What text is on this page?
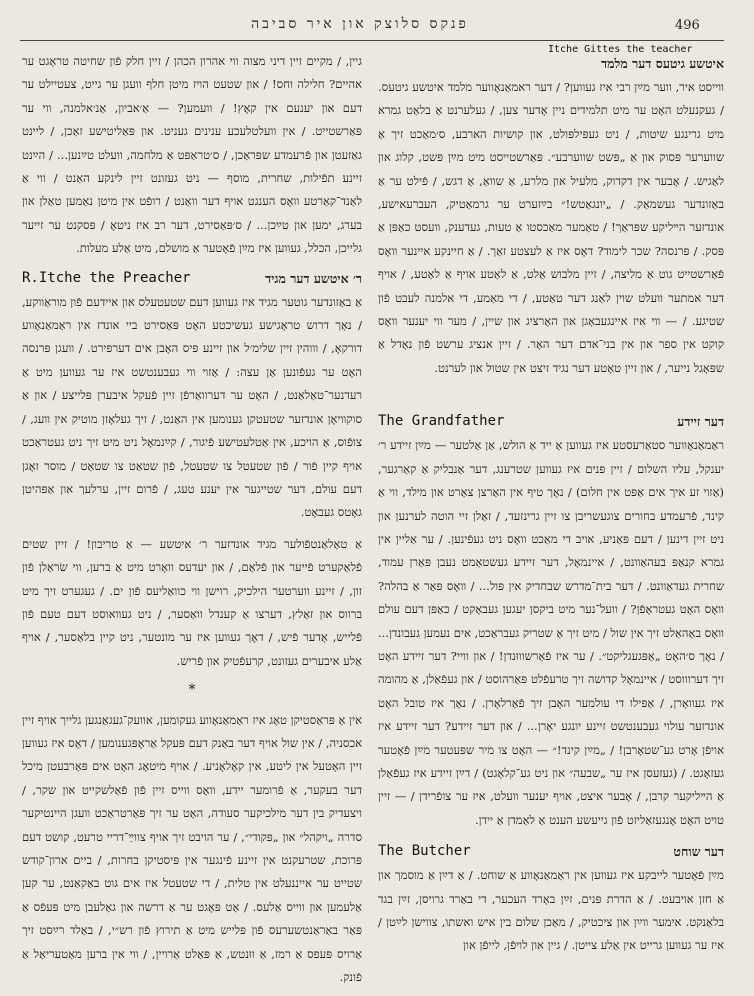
496
פנקס סלוצק און איר סביבה
Itche Gittes the teacher
איטשע גיטעס דער מלמד

ווייסט איר, ווער מײַן רבי איז געווען? / דער ראמאַנאָווער מלמד איטשע גיטעס. / געקנעלט האָט ער מיט תלמידים ניין אָדער צען, / געלערנט אַ בלאַט גמרא מיט גרינגע שיטות, / ניט געפּילפּולט, און קושיות הארבע, ס׳מאַכט זיך אַ שווערער פּסוק און אַ „פּשט שווערבע״. פּאַרשטייסט מיט מײַן פּשט, קלוג און לאַגיש. / אָבער אין דקדוק, מלעיל און מלרע, אַ שוואַ, אַ דגש, / פֿילט ער אַ באַזונדער געשמאַק. / „יונגאַטש!״ בײַזערט ער גרמאַטיק, העברעאישע, אונדזער הײליקע שפּראַך! / טאַמער מאַכסטו אַ טעות, געדענק, וועסט כאַפּן אַ פּסק. / פּרנסה? שכר לימוד? דאָס איז אַ לעצטע זאַך. / אַ חיינקע איינער וואָס פֿאַרשטייט גוט אַ מליצה, / זיין מלבוש אַלט, אַ לאַטע אויף אַ לאַטע, / אויף דער אמתער וועלט שוין לאַנג דער טאַטע, / די מאַמע, די אלמנה לעבט פֿון שטיגע. / — ווי איז איינגעבאָגן און האָרציג און שיין, / מער ווי יענער וואָס קוקט אין ספר און אין בני־אדם דער האָר. / זיין אנציג ערשט פֿון נאָדל אַ שפּאָגל נייער, / און זיין טאָטע דער נגיד זיצט אין שטול און לערנט.

דער זיידע
The Grandfather

ראַמאַנאָווער סטאַרעסטע איז געווען אַ ייד אַ הולש, אַן אַלטער — מײַן זיידע ר׳ יענקל, עליו השלום / זיין פּנים איז געווען שטרענג, דער אַנבליק אַ קאַרגער, (אַזוי זע איך אים אַפּט אין חלום) / נאָך טיף אין האַרצן צאַרט און מילד, ווי אַ קינד, פֿרעמדע בחורים צוגעשריבן צו זיין גרינזעד, / זאַלן זיי הוטה לערנען און ניט זיין דינען / דעם פּאַניע, אויב די מאַכט וואָס ניט געפֿינען. / ער אַליין אין גמרא קנאַפּ בעהאַוונט, / איינמאָל, דער זיידע געשטאַמט נעבן פּאַרן עמוד, שחרית געדאַוונט. / דער בית־מדרש שבחדיק אין פּול... / וואָס פּאַר אַ בהלה? וואָס האָט געטראָפֿן? / וועל־נער מיט ביקסן יעגען געבאָקט / כאַפּן דעם עולם וואָס באַהאַלט זיך אין שול / מיט זיך אַ שטריק געבראַכט, אים נעמען געבונדן... / נאָך ס׳האָט „אַפּגעגליקט״. / ער איז פֿאַרשוווּנדן! / און וויי? דער זיידע האָט זיך דערוווסט / איינמאָל קדושה זיך טרעפֿלט פּאַרהוסט / און געפֿאַלן, אַ מהומה איז געוואָרן, / אַפּילו די עולמער האָבן זיך פֿאַרלאָרן. / נאָך איז טובל האָט אונדזער עולוי געבענטשט זיינע יונגע יאָרן... / און דער זיידע? דער זיידע איז אויפֿן אָרט גע־שטאָרבן! / „מײַן קינד!״ — האָט צו מיר שפּעטער מײַן פֿאָטער געזאָגט. / (געזעסן איז ער „שבעה״ און ניט גע־קלאָגט) / דײַן זיידע איז געפֿאַלן אַ הײליקער קרבן, / אָבער איצט, אויף יענער וועלט, איז ער צופֿרידן / — זיין טויט האָט אָנגעזאַליזט פֿון גייעשע הענט אַ לאַמדן אַ יידן.

דער שוחט
The Butcher

מײַן פֿאָטער לייבקע איז געווען אין ראַמאַנאָווע אַ שוחט. / אַ דײַן אַ מוסמך און אַ חזן אויבעט. / אַ הדרת פּנים, זײַן באָרד העכער, די באַרד גרויסן, זײַן בגד בלאַנקט. אימער ווײַן און ציכטיק, / מאַכן שלום בין איש ואשתו, צווישן לײַטן / איז ער געווען גרייט אין אַלע צייטן. / גיין און לויפֿן, לייפֿן און

גיין, / מקיים זיין דיני מצוה ווי אהרון הכהן / זיין חלק פֿון שחיטה טראָגט ער אהיים? חלילה וחס! / און שטעט הויז מיטן חלף וועגן ער גייט, צעטיילט ער דעם און יענעם אין קאָץ! / וועמען? — אַ׳אביון, אַנ׳אלמנה, ווי ער פּאַרשטייט. / אין וועלטלעכע ענינים געניט. און פּאַליטישע זאַכן, / ליינט גאַזעטן און פֿרעמדע שפּראַכן, / ס׳טראַפּט אַ מלחמה, וועלט טײַנען... / הײַנט זיינע תפֿילות, שחרית, מוסף — ניט געזונט זיין לינקע האַנט / ווי אַ לאַנד־קאַרטע וואָס הענגט אויף דער וואַנט / רופֿט אין מיטן נאַמען טאַלן און בערג, ימען און טײַכן... / ס׳פּאַסירט, דער רב איז ניטאָ / פּסקנט ער זייער גלייכן, הכלל, געווען איז מײַן פֿאָטער אַ מושלם, מיט אַלע מעלות.

ר׳ איטשע דער מגיד
R.Itche the Preacher

אַ באַזונדער גוטער מגיד איז געווען דעם שטעטעלס און איידעם פֿון מוראַווקע, / נאָך דרוש טראָגישע געשיכטע האָט פּאַסירט ביי אונדז אין ראַמאַנאָווע דורקאָ, / וווהין זיין שלימ׳ל און זיינע פּיס האָבן אים דערפּירט. / וועגן פּרנסה האָט ער געפֿונען אַן עצה: / אַזוי ווי געבענטשט איז ער געווען מיט אַ רעדנער־טאַלאַנט, / האָט ער דערוואַרפֿן זיין פֿעקל איבערן פּלייצע / און אַ סוקוויאָן אונדזער שטעטקן גענומען אין האַנט, / זיך געלאָזן מוטיק אין וועג, / צופֿוס, אַ הויכע, אין אַטלעטישע פֿיגור, / קײַנמאָל ניט מיט זיך ניט געטראַכט אויף קיין פֿור / פֿון שטעטל צו שטעטל, פֿון שטאַט צו שטאַט / מוסר זאָגן דעם עולם, דער שטייגער אין יענע טעג, / פֿרום זיין, ערלעך און אַפּהיטן גאָטס געבאָט.

אַ טאַלאַנטפֿולער מגיד אונדזער ר׳ איטשע — אַ טריבון! / זיין שטים פֿלאַקערט פֿייער און פֿלאַם, / און יעדעס וואָרט מיט אַ ברען, ווי שׂראַלן פֿון זון, / זיינע ווערטער הילכיק, רוישן ווי כוואַליעס פֿון ים. / געגערט זיך מיט ברווס און זאַלץ, דערצו אַ קענדל וואַסער, / ניט געוואוסט דעם טעם פֿון פֿלייש, אָדער פֿיש, / דאָך געווען איז ער מונטער, ניט קיין בלאַסער, / אויף אַלע איבערים געזונט, קרעפֿטיק און פֿריש.

*

אין אַ פּראַסטיקן טאָג איז ראַמאַנאָווע געקומען, אוועק־געגאַנגען גלייך אויף זיין אכסניה, / אין שול אויף דער באַנק דעם פּעקל אַראָפּגענומען / דאָס איז געווען זיין האָטעל אין ליטע, אין קאָלאָניע. / אויף מיטאָג האָט אים פּאַרבעטן מיכל דער בעקער, אַ פֿרומער יידע, וואָס ווייס זיין פֿון פֿאַלשקייט און שקר, / ויצעדיק בין דער מילכיקער סעודה, האָט ער זיך פּאַרטראַכט וועגן היינטיקער סדרה „ויקהל״ און „פּקודי״, / ער הויבט זיך אויף צווײַ־דריי טרעט, קושט דעם פּרוכת, שטרעקנט אין זיינע פֿינגער אין פּיסטיקן בחרות, / ביים ארון־קודש שטייט ער אייננעלט אין טלית, / די שטעטל איז אים גוט באַקאַנט, ער קען אַלעמען און ווייס אַלעס. / אַט פּאָגט ער אַ דרשה און גאַלעבן מיט פּעפֿס אַ פּאַר באַראַנטשערעס פֿון פּלייש מיט אַ תירוץ פֿון רש״י, / באַלד רײַסט זיך אַרויס פּעפס אַ רמז, אַ ווּנטש, אַ פּאַלט אַרויין, / ווי אין ברען מאַטעריאַל אַ פֿונק.
